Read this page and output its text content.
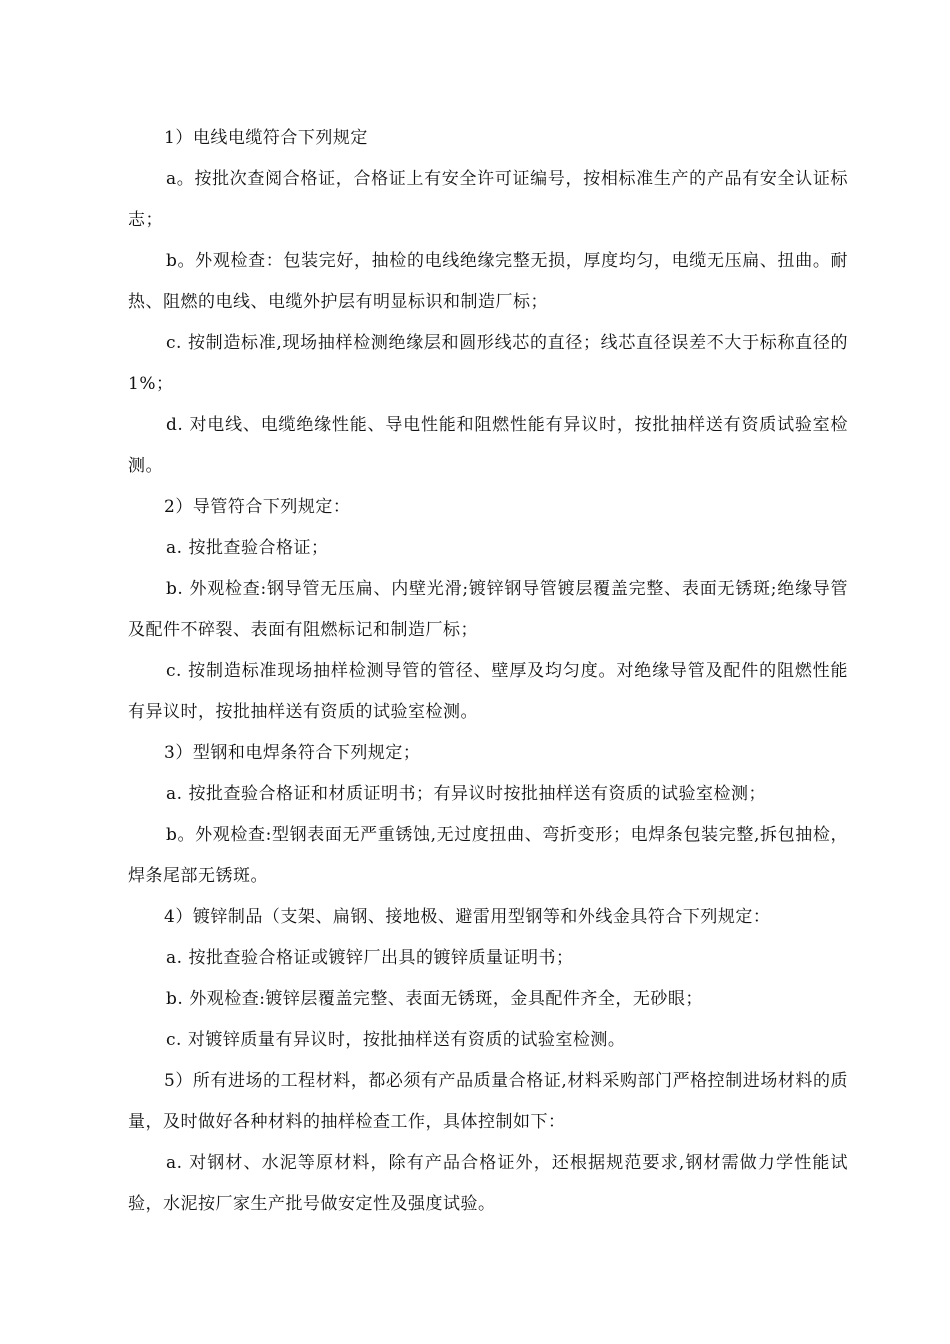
1）电线电缆符合下列规定

a。按批次查阅合格证，合格证上有安全许可证编号，按相标准生产的产品有安全认证标志；

b。外观检查：包装完好，抽检的电线绝缘完整无损，厚度均匀，电缆无压扁、扭曲。耐热、阻燃的电线、电缆外护层有明显标识和制造厂标；

c. 按制造标准,现场抽样检测绝缘层和圆形线芯的直径；线芯直径误差不大于标称直径的 1%；

d. 对电线、电缆绝缘性能、导电性能和阻燃性能有异议时，按批抽样送有资质试验室检测。

2）导管符合下列规定：

a. 按批查验合格证；

b. 外观检查:钢导管无压扁、内壁光滑;镀锌钢导管镀层覆盖完整、表面无锈斑;绝缘导管及配件不碎裂、表面有阻燃标记和制造厂标；

c. 按制造标准现场抽样检测导管的管径、壁厚及均匀度。对绝缘导管及配件的阻燃性能有异议时，按批抽样送有资质的试验室检测。

3）型钢和电焊条符合下列规定；

a. 按批查验合格证和材质证明书；有异议时按批抽样送有资质的试验室检测；

b。外观检查:型钢表面无严重锈蚀,无过度扭曲、弯折变形；电焊条包装完整,拆包抽检，焊条尾部无锈斑。

4）镀锌制品（支架、扁钢、接地极、避雷用型钢等和外线金具符合下列规定：

a. 按批查验合格证或镀锌厂出具的镀锌质量证明书；

b. 外观检查:镀锌层覆盖完整、表面无锈斑，金具配件齐全，无砂眼；

c. 对镀锌质量有异议时，按批抽样送有资质的试验室检测。

5）所有进场的工程材料，都必须有产品质量合格证,材料采购部门严格控制进场材料的质量，及时做好各种材料的抽样检查工作，具体控制如下：

a. 对钢材、水泥等原材料，除有产品合格证外，还根据规范要求,钢材需做力学性能试验，水泥按厂家生产批号做安定性及强度试验。
